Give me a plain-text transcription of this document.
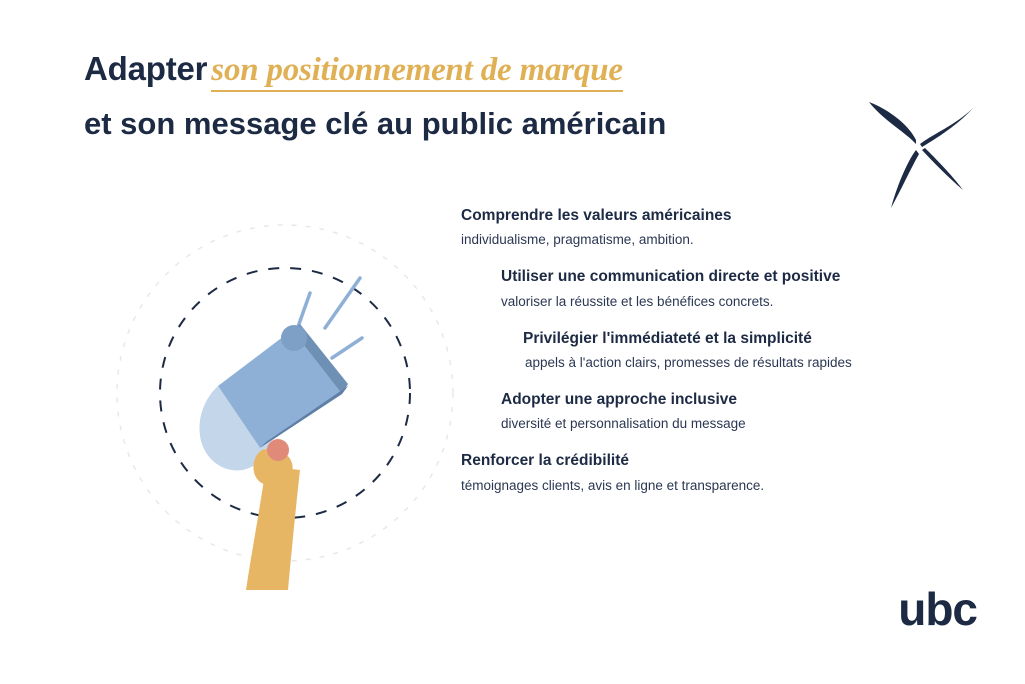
Adapter son positionnement de marque
et son message clé au public américain
Comprendre les valeurs américaines
individualisme, pragmatisme, ambition.
Utiliser une communication directe et positive
valoriser la réussite et les bénéfices concrets.
Privilégier l'immédiateté et la simplicité
appels à l'action clairs, promesses de résultats rapides
Adopter une approche inclusive
diversité et personnalisation du message
Renforcer la crédibilité
témoignages clients, avis en ligne et transparence.
ubc
